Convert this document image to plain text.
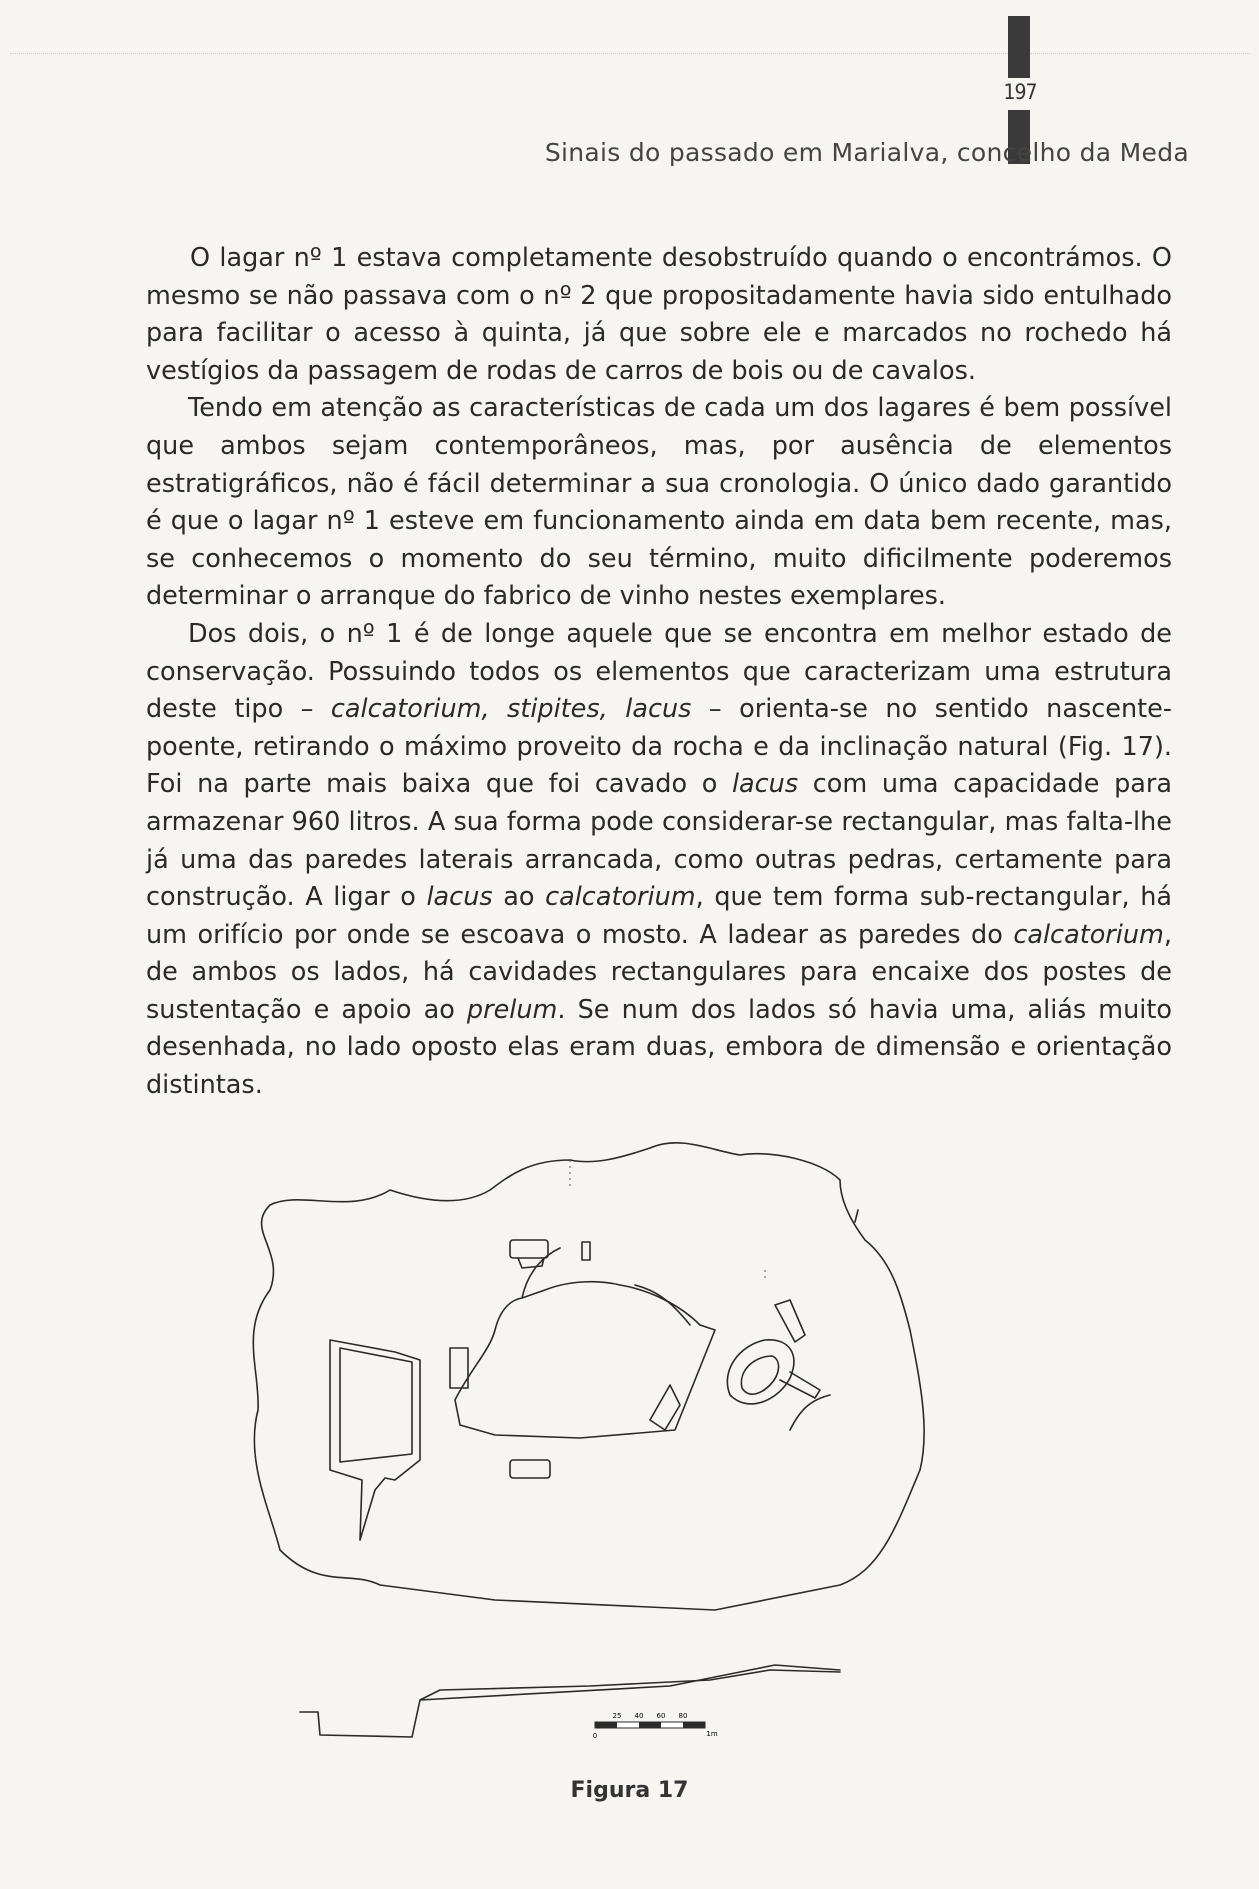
197
Sinais do passado em Marialva, concelho da Meda

O lagar nº 1 estava completamente desobstruído quando o encontrámos. O mesmo se não passava com o nº 2 que propositadamente havia sido entulhado para facilitar o acesso à quinta, já que sobre ele e marcados no rochedo há vestígios da passagem de rodas de carros de bois ou de cavalos.

Tendo em atenção as características de cada um dos lagares é bem possível que ambos sejam contemporâneos, mas, por ausência de elementos estratigráficos, não é fácil determinar a sua cronologia. O único dado garantido é que o lagar nº 1 esteve em funcionamento ainda em data bem recente, mas, se conhecemos o momento do seu término, muito dificilmente poderemos determinar o arranque do fabrico de vinho nestes exemplares.

Dos dois, o nº 1 é de longe aquele que se encontra em melhor estado de conservação. Possuindo todos os elementos que caracterizam uma estrutura deste tipo – calcatorium, stipites, lacus – orienta-se no sentido nascente-poente, retirando o máximo proveito da rocha e da inclinação natural (Fig. 17). Foi na parte mais baixa que foi cavado o lacus com uma capacidade para armazenar 960 litros. A sua forma pode considerar-se rectangular, mas falta-lhe já uma das paredes laterais arrancada, como outras pedras, certamente para construção. A ligar o lacus ao calcatorium, que tem forma sub-rectangular, há um orifício por onde se escoava o mosto. A ladear as paredes do calcatorium, de ambos os lados, há cavidades rectangulares para encaixe dos postes de sustentação e apoio ao prelum. Se num dos lados só havia uma, aliás muito desenhada, no lado oposto elas eram duas, embora de dimensão e orientação distintas.

25 40 60 80
0	1m
Figura 17
